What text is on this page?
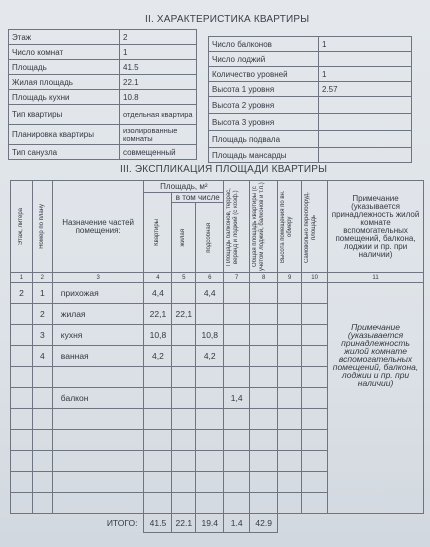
II. ХАРАКТЕРИСТИКА КВАРТИРЫ
Этаж	2
Число комнат	1
Площадь	41.5
Жилая площадь	22.1
Площадь кухни	10.8
Тип квартиры	отдельная квартира
Планировка квартиры	изолированные комнаты
Тип санузла	совмещенный
Число балконов	1
Число лоджий	
Количество уровней	1
Высота 1 уровня	2.57
Высота 2 уровня	
Высота 3 уровня	
Площадь подвала	
Площадь мансарды	
III. ЭКСПЛИКАЦИЯ ПЛОЩАДИ КВАРТИРЫ
Этаж, литера	Номер по плану	Назначение частей помещения:	Площадь, м²			Площадь балконов, террас, веранд и лоджий (с коэф.)	Общая площадь квартиры (с учетом лоджий, балконов и т.п.)	Высота помещения по вн. обмеру	Самовольно переоборуд. площадь	Примечание (указывается принадлежность жилой комнате вспомогательных помещений, балкона, лоджии и пр. при наличии)

			Квартиры	в том числе						

				жилая	подсобная					

1	2	3	4	5	6	7	8	9	10	11
2	1	прихожая	4,4		4,4					Примечание (указывается принадлежность жилой комнате вспомогательных помещений, балкона, лоджии и пр. при наличии)
	2	жилая	22,1	22,1						
	3	кухня	10,8		10,8					
	4	ванная	4,2		4,2					

		балкон				1,4				

ИТОГО:			41.5	22.1	19.4	1.4	42.9			
